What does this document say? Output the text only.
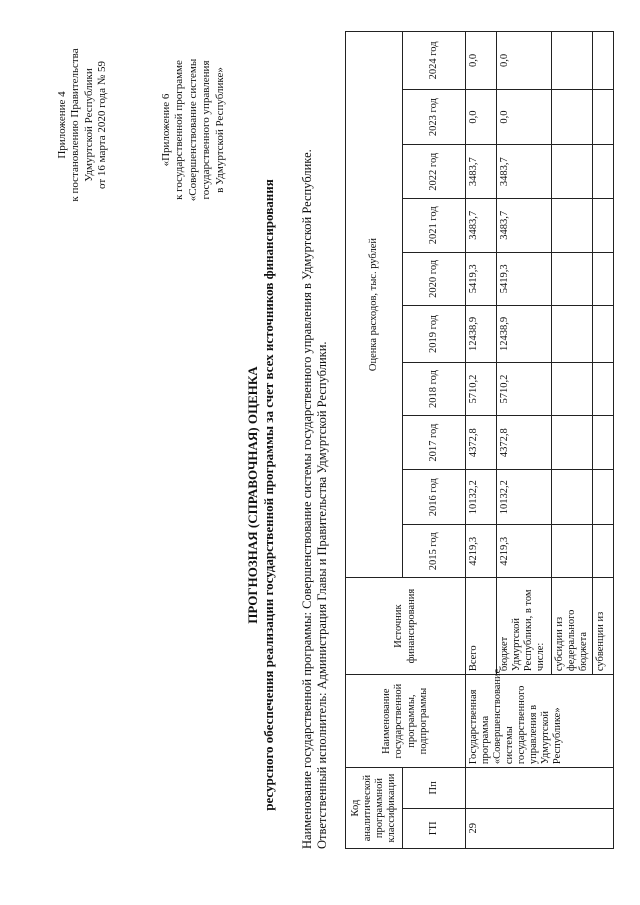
Приложение 4 к постановлению Правительства Удмуртской Республики от 16 марта 2020 года № 59	«Приложение 6 к государственной программе «Совершенствование системы государственного управления в Удмуртской Республике»
ПРОГНОЗНАЯ (СПРАВОЧНАЯ) ОЦЕНКА ресурсного обеспечения реализации государственной программы за счет всех источников финансирования Наименование государственной программы: Совершенствование системы государственного управления в Удмуртской Республике. Ответственный исполнитель: Администрация Главы и Правительства Удмуртской Республики. Код аналитической программной классификации		Наименование государственной программы, подпрограммы	Источник финансирования	Оценка расходов, тыс. рублей									
ГП	Пп			2015 год	2016 год	2017 год	2018 год	2019 год	2020 год	2021 год	2022 год	2023 год	2024 год
29		Государственная программа «Совершенствование системы государственного управления в Удмуртской Республике»	Всего	4219,3	10132,2	4372,8	5710,2	12438,9	5419,3	3483,7	3483,7	0,0	0,0
			бюджет Удмуртской Республики, в том числе:	4219,3	10132,2	4372,8	5710,2	12438,9	5419,3	3483,7	3483,7	0,0	0,0
			субсидии из федерального бюджета										
			субвенции из										
